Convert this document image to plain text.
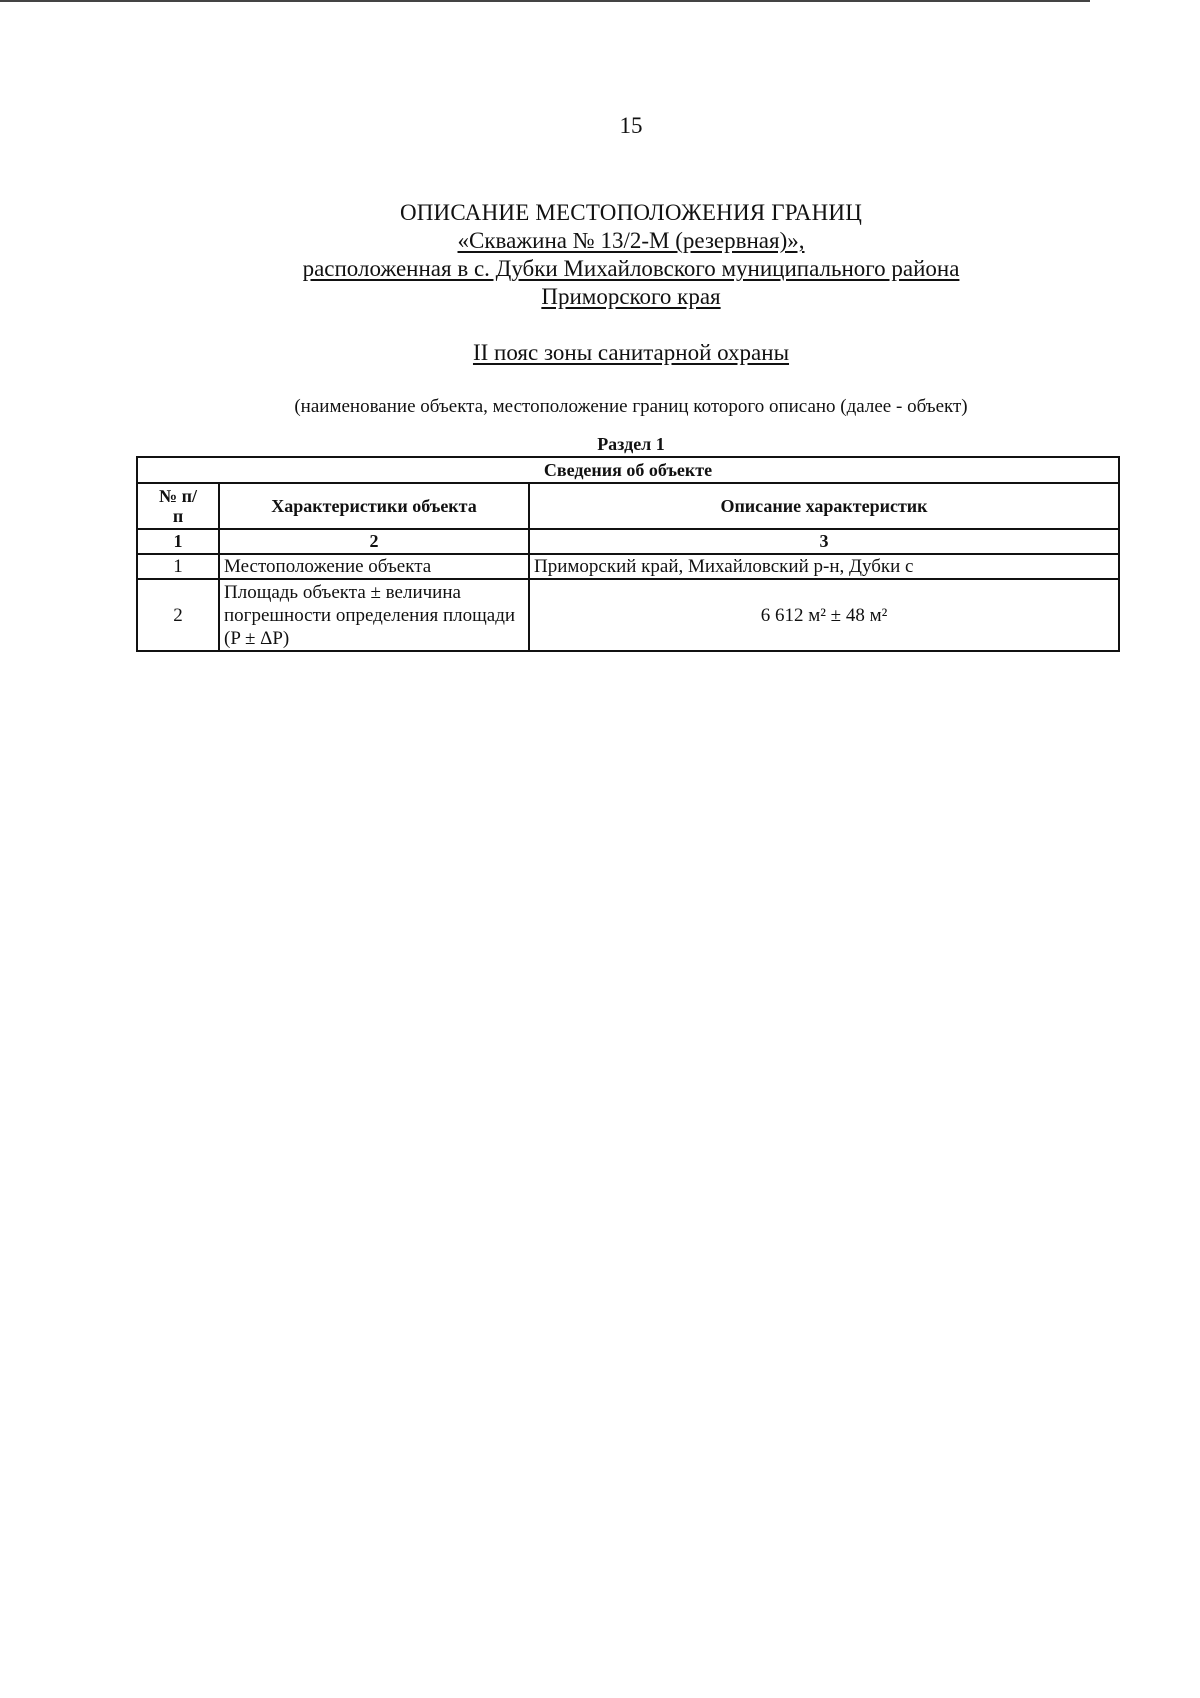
15
ОПИСАНИЕ МЕСТОПОЛОЖЕНИЯ ГРАНИЦ
«Скважина № 13/2-М (резервная)»,
расположенная в с. Дубки Михайловского муниципального района
Приморского края
II пояс зоны санитарной охраны
(наименование объекта, местоположение границ которого описано (далее - объект)
Раздел 1
Сведения об объекте		
№ п/п	Характеристики объекта	Описание характеристик
1	2	3
1	Местоположение объекта	Приморский край, Михайловский р-н, Дубки с
2	Площадь объекта ± величина погрешности определения площади (P ± ΔP)	6 612 м² ± 48 м²
